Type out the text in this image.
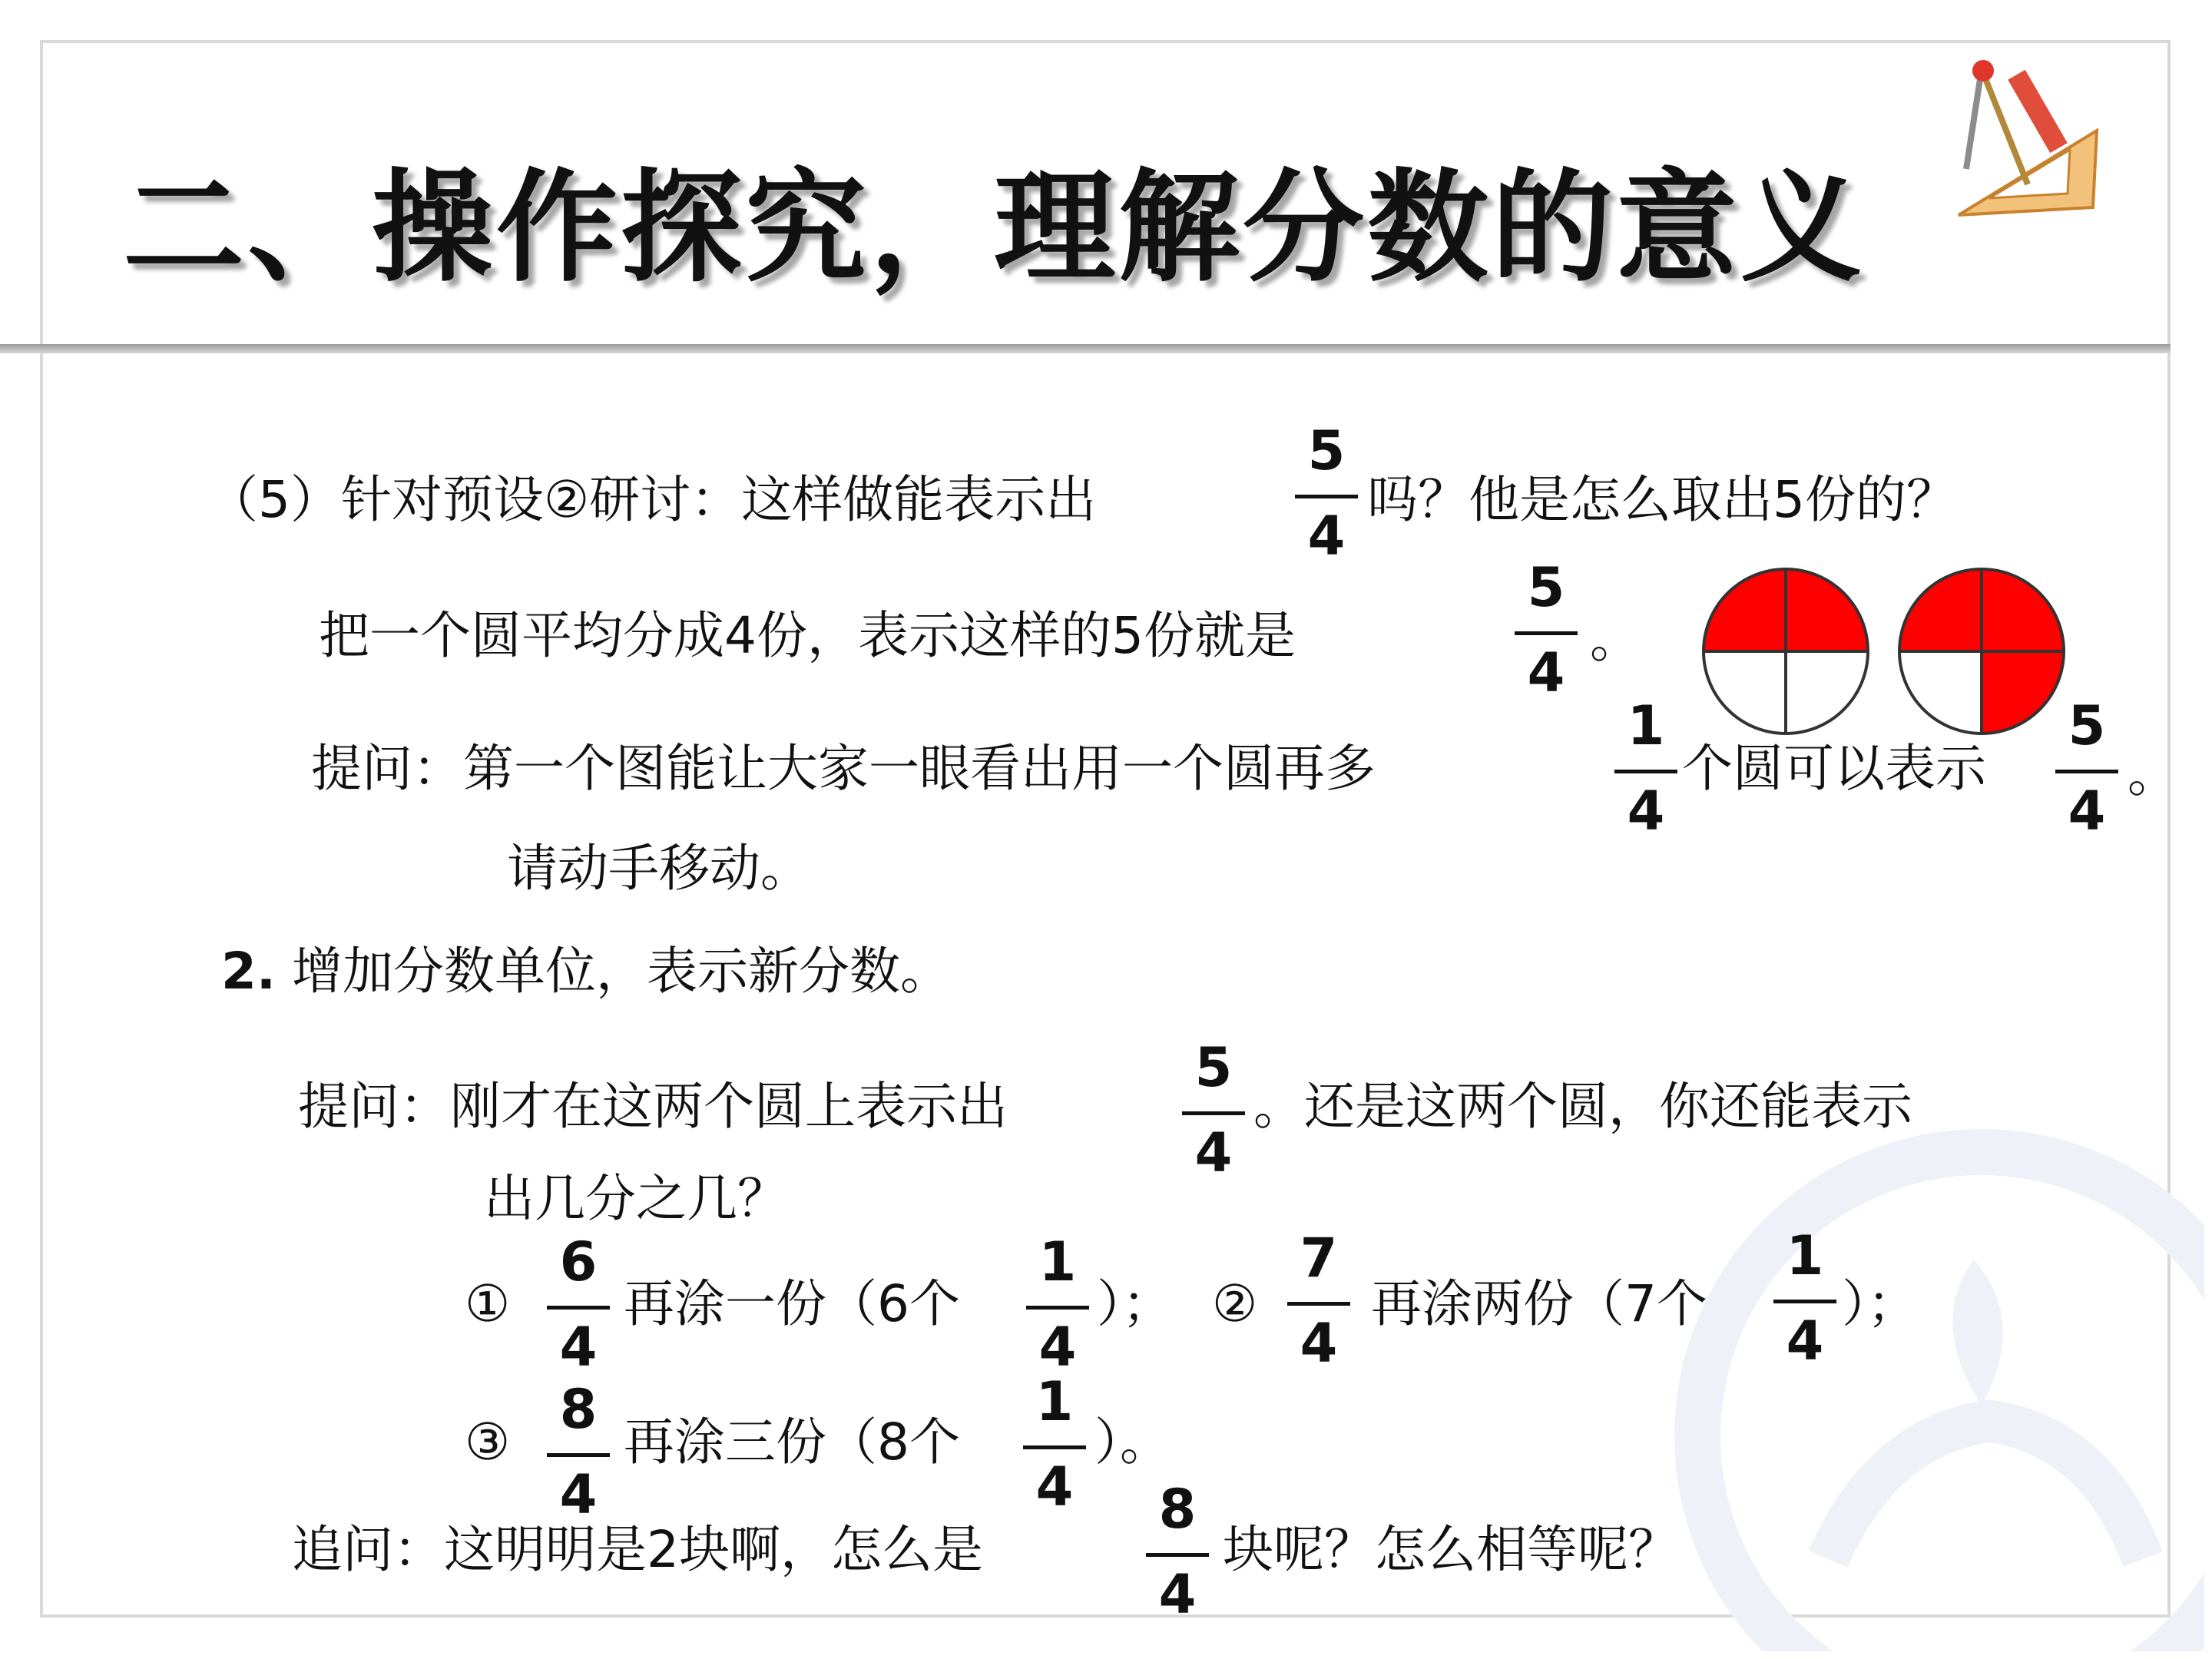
二、操作探究，理解分数的意义
（5）针对预设②研讨：这样做能表示出
5
4
吗？他是怎么取出5份的？
把一个圆平均分成4份，表示这样的5份就是
5
4
。
提问：第一个图能让大家一眼看出用一个圆再多
1
4
个圆可以表示
5
4
。
请动手移动。
2. 增加分数单位，表示新分数。
提问：刚才在这两个圆上表示出
5
4
。还是这两个圆，你还能表示
出几分之几？
①
6
4
再涂一份（6个
1
4
）； ②
7
4
再涂两份（7个
1
4
）；
③
8
4
再涂三份（8个
1
4
）。
追问：这明明是2块啊，怎么是
8
4
块呢？怎么相等呢？
